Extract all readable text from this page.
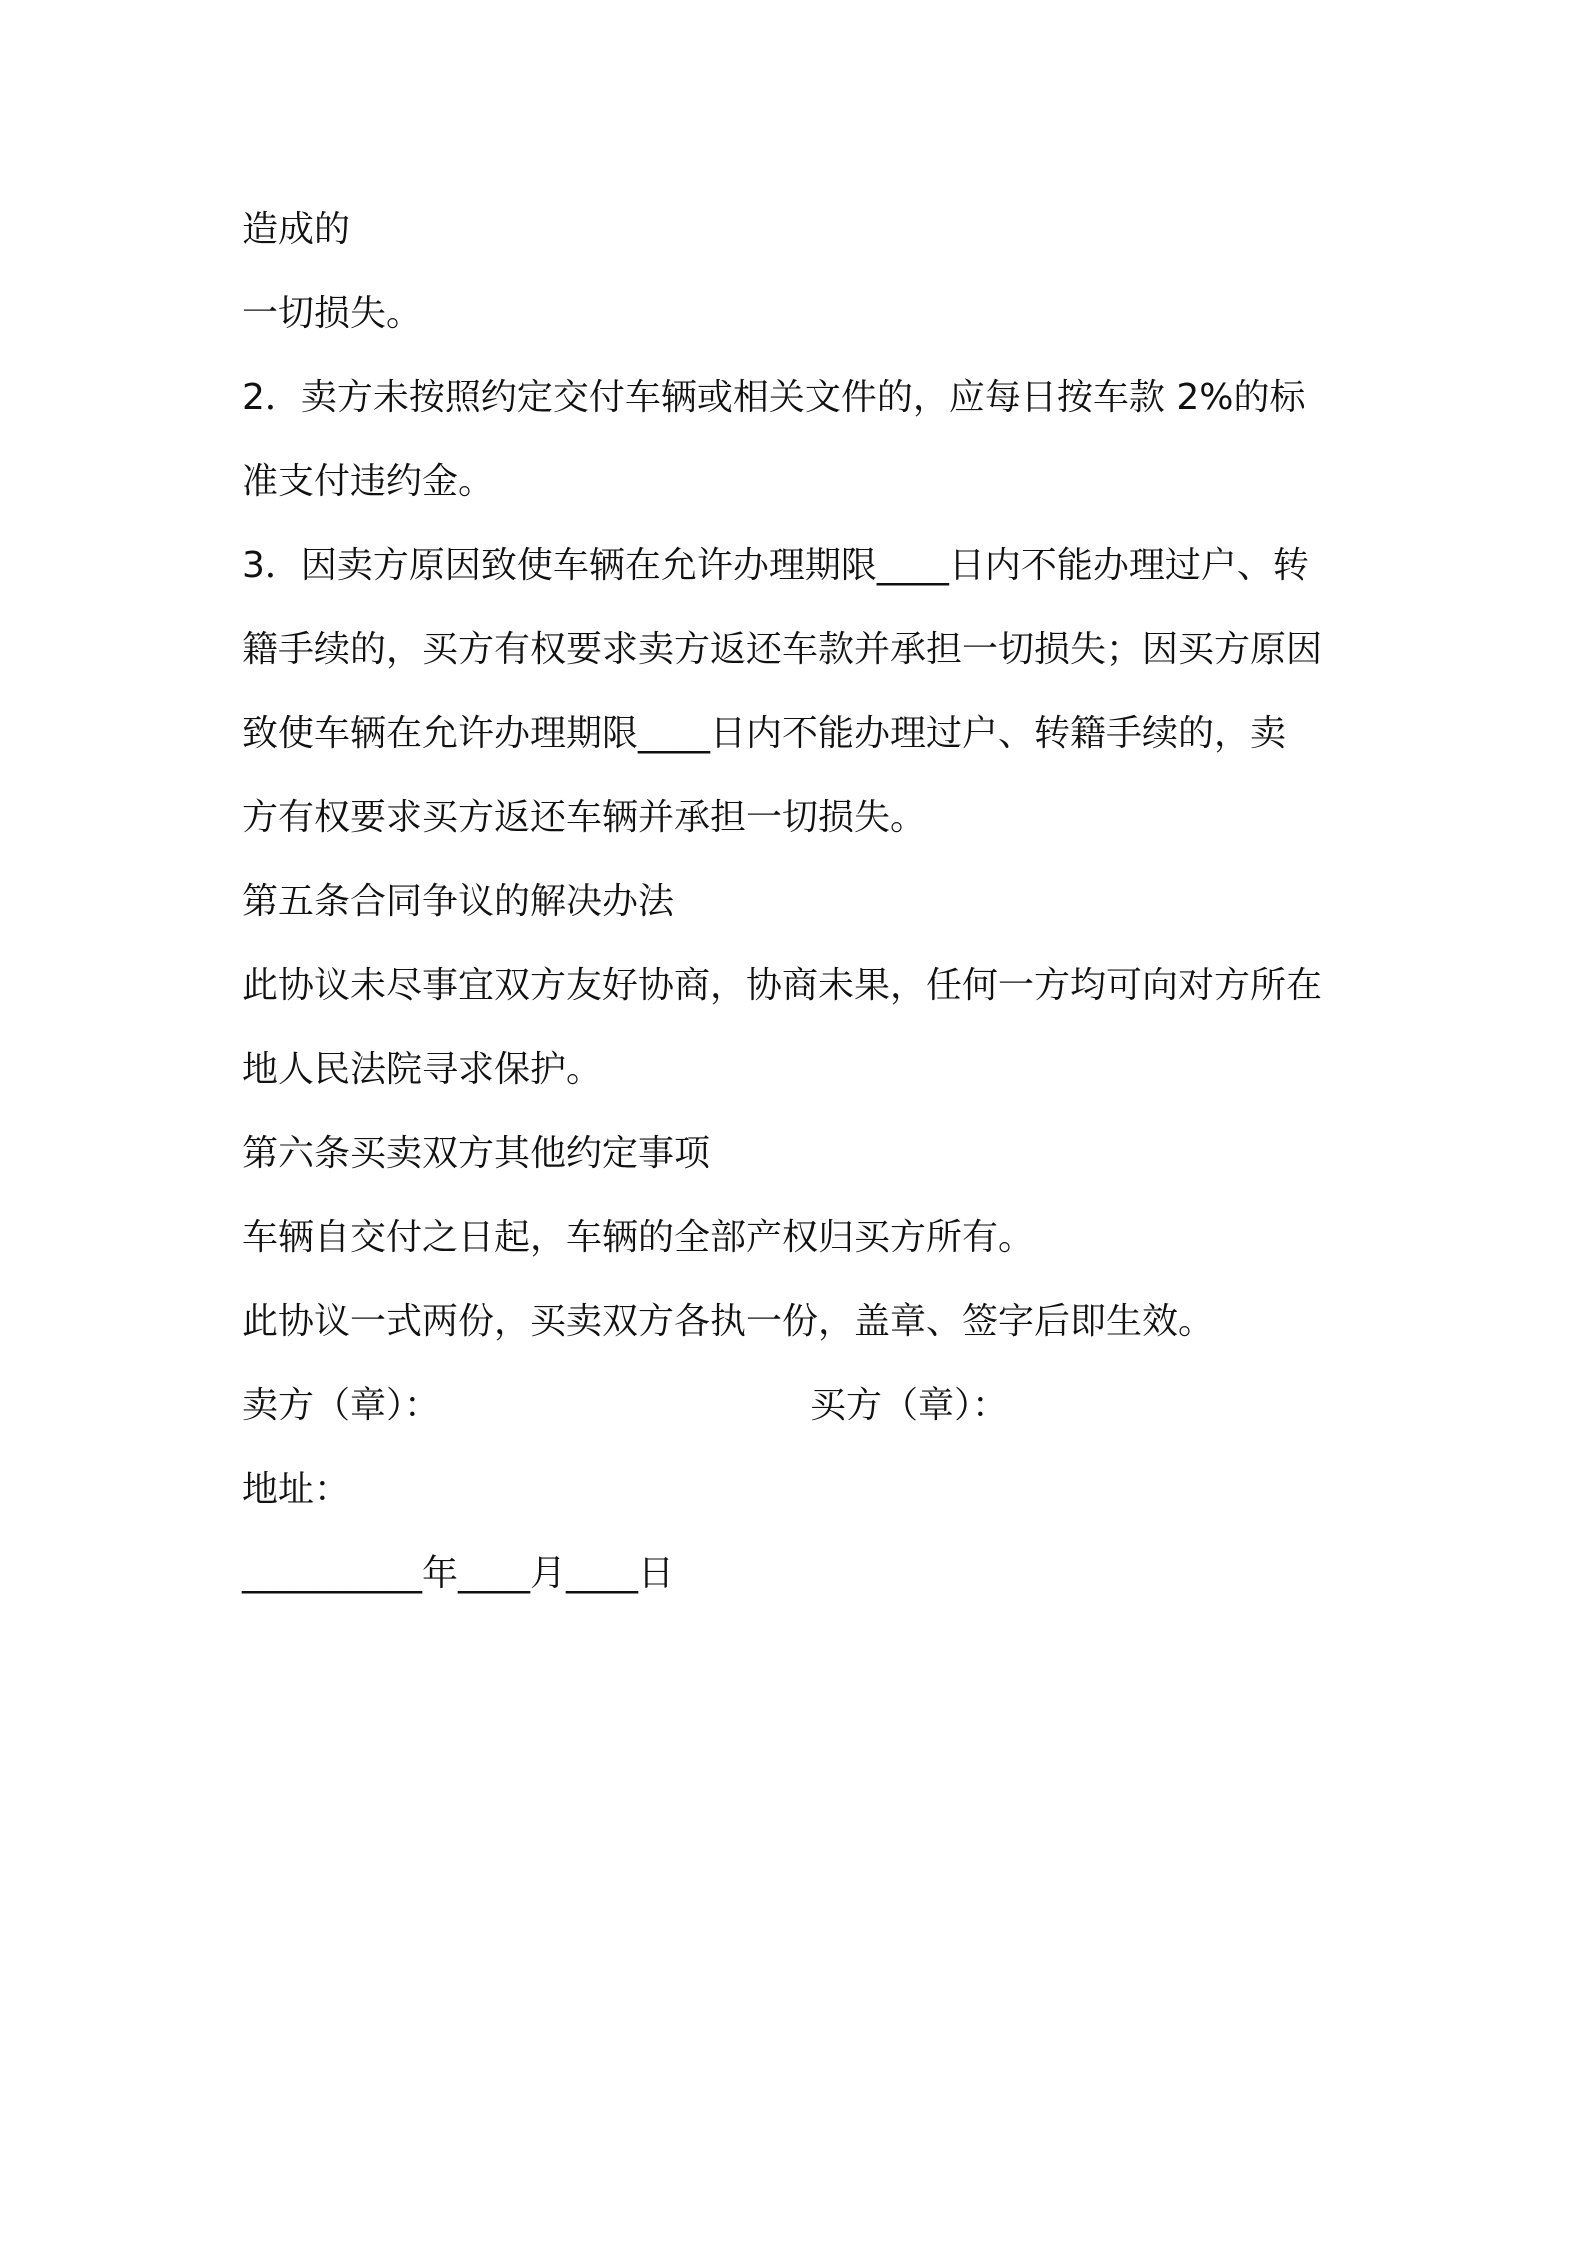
造成的
一切损失。
2．卖方未按照约定交付车辆或相关文件的，应每日按车款 2%的标
准支付违约金。
3．因卖方原因致使车辆在允许办理期限____日内不能办理过户、转
籍手续的，买方有权要求卖方返还车款并承担一切损失；因买方原因
致使车辆在允许办理期限____日内不能办理过户、转籍手续的，卖
方有权要求买方返还车辆并承担一切损失。
第五条合同争议的解决办法
此协议未尽事宜双方友好协商，协商未果，任何一方均可向对方所在
地人民法院寻求保护。
第六条买卖双方其他约定事项
车辆自交付之日起，车辆的全部产权归买方所有。
此协议一式两份，买卖双方各执一份，盖章、签字后即生效。
卖方（章）：	买方（章）：
地址：
__________年____月____日
